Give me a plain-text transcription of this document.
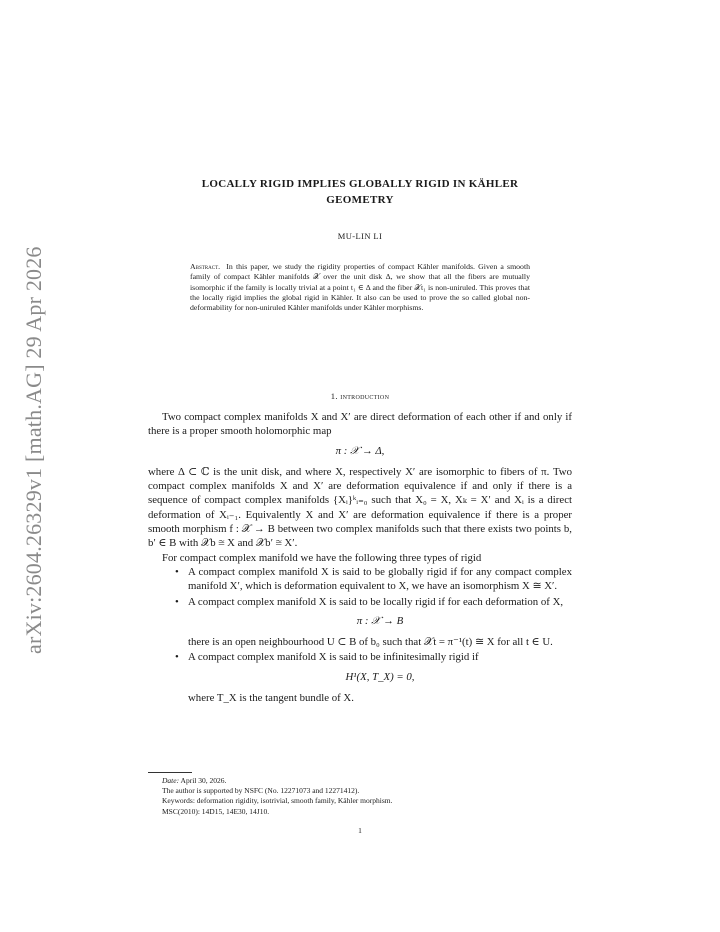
arXiv:2604.26329v1 [math.AG] 29 Apr 2026
LOCALLY RIGID IMPLIES GLOBALLY RIGID IN KÄHLER
GEOMETRY
MU-LIN LI
Abstract. In this paper, we study the rigidity properties of compact Kähler manifolds. Given a smooth family of compact Kähler manifolds 𝒳 over the unit disk Δ, we show that all the fibers are mutually isomorphic if the family is locally trivial at a point t₁ ∈ Δ and the fiber 𝒳t₁ is non-uniruled. This proves that the locally rigid implies the global rigid in Kähler. It also can be used to prove the so called global non-deformability for non-uniruled Kähler manifolds under Kähler morphisms.
1. introduction

Two compact complex manifolds X and X′ are direct deformation of each other if and only if there is a proper smooth holomorphic map

π : 𝒳 → Δ,

where Δ ⊂ ℂ is the unit disk, and where X, respectively X′ are isomorphic to fibers of π. Two compact complex manifolds X and X′ are deformation equivalence if and only if there is a sequence of compact complex manifolds {Xᵢ}ᵏᵢ₌₀ such that X₀ = X, Xₖ = X′ and Xᵢ is a direct deformation of Xᵢ₋₁. Equivalently X and X′ are deformation equivalence if there is a proper smooth morphism f : 𝒳 → B between two complex manifolds such that there exists two points b, b′ ∈ B with 𝒳b ≅ X and 𝒳b′ ≅ X′.

For compact complex manifold we have the following three types of rigid

• A compact complex manifold X is said to be globally rigid if for any compact complex manifold X′, which is deformation equivalent to X, we have an isomorphism X ≅ X′.
• A compact complex manifold X is said to be locally rigid if for each deformation of X,
π : 𝒳 → B

there is an open neighbourhood U ⊂ B of b₀ such that 𝒳t = π⁻¹(t) ≅ X for all t ∈ U.

• A compact complex manifold X is said to be infinitesimally rigid if
H¹(X, T_X) = 0,

where T_X is the tangent bundle of X.

Date: April 30, 2026.
The author is supported by NSFC (No. 12271073 and 12271412).
Keywords: deformation rigidity, isotrivial, smooth family, Kähler morphism.
MSC(2010): 14D15, 14E30, 14J10.
1
